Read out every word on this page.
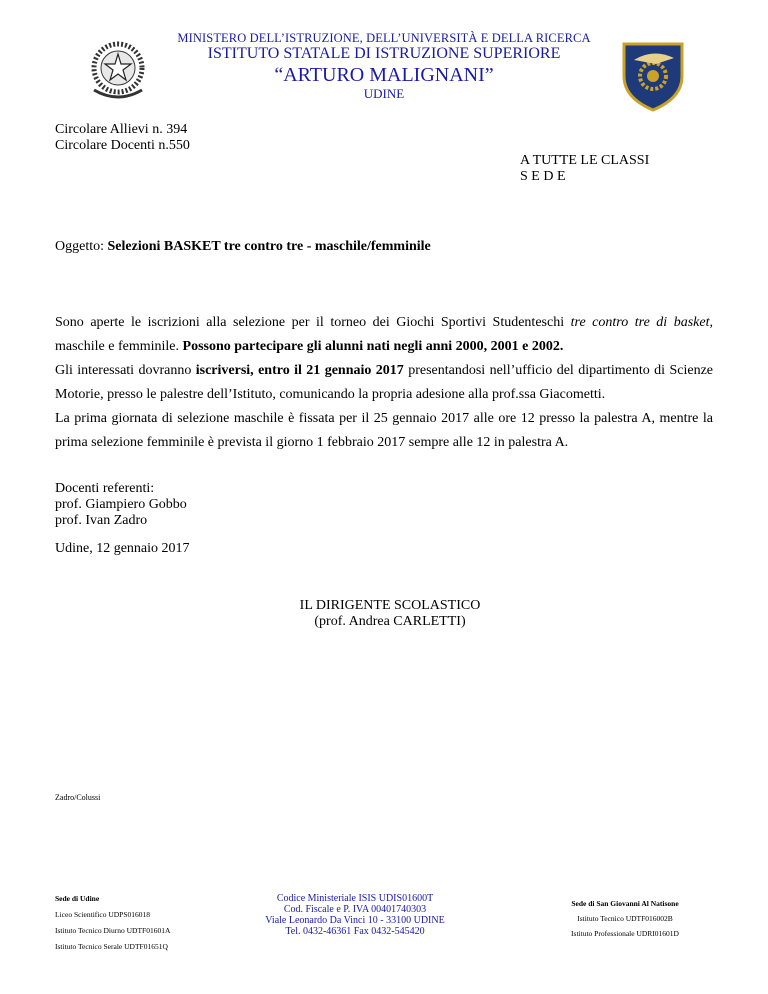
MINISTERO DELL’ISTRUZIONE, DELL’UNIVERSITÀ E DELLA RICERCA
ISTITUTO STATALE DI ISTRUZIONE SUPERIORE
“ARTURO MALIGNANI”
UDINE
Circolare Allievi n. 394
Circolare Docenti n.550
A TUTTE LE CLASSI
S E D E
Oggetto: Selezioni BASKET tre contro tre - maschile/femminile

Sono aperte le iscrizioni alla selezione per il torneo dei Giochi Sportivi Studenteschi tre contro tre di basket, maschile e femminile. Possono partecipare gli alunni nati negli anni 2000, 2001 e 2002.

Gli interessati dovranno iscriversi, entro il 21 gennaio 2017 presentandosi nell’ufficio del dipartimento di Scienze Motorie, presso le palestre dell’Istituto, comunicando la propria adesione alla prof.ssa Giacometti.

La prima giornata di selezione maschile è fissata per il 25 gennaio 2017 alle ore 12 presso la palestra A, mentre la prima selezione femminile è prevista il giorno 1 febbraio 2017 sempre alle 12 in palestra A.

Docenti referenti:
prof. Giampiero Gobbo
prof. Ivan Zadro
Udine, 12 gennaio 2017
IL DIRIGENTE SCOLASTICO
(prof. Andrea CARLETTI)
Zadro/Colussi
Sede di Udine
Liceo Scientifico UDPS016018
Istituto Tecnico Diurno UDTF01601A
Istituto Tecnico Serale UDTF01651Q
Codice Ministeriale ISIS UDIS01600T
Cod. Fiscale e P. IVA 00401740303
Viale Leonardo Da Vinci 10 - 33100 UDINE
Tel. 0432-46361 Fax 0432-545420
Sede di San Giovanni Al Natisone
Istituto Tecnico UDTF016002B
Istituto Professionale UDRI01601D
